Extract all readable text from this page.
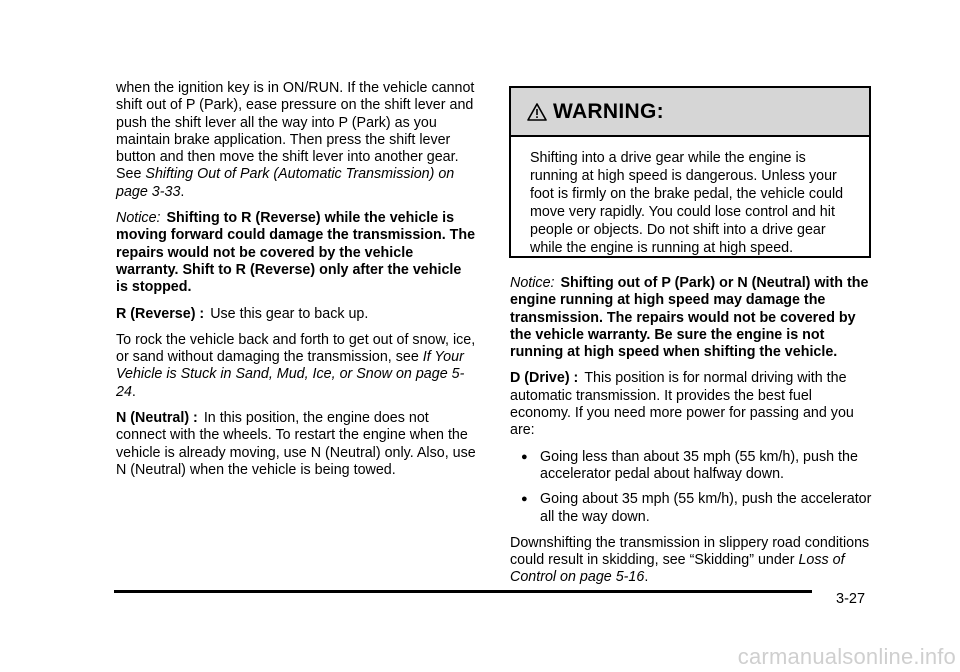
when the ignition key is in ON/RUN. If the vehicle cannot shift out of P (Park), ease pressure on the shift lever and push the shift lever all the way into P (Park) as you maintain brake application. Then press the shift lever button and then move the shift lever into another gear. See Shifting Out of Park (Automatic Transmission) on page 3-33.

Notice: Shifting to R (Reverse) while the vehicle is moving forward could damage the transmission. The repairs would not be covered by the vehicle warranty. Shift to R (Reverse) only after the vehicle is stopped.

R (Reverse) : Use this gear to back up.

To rock the vehicle back and forth to get out of snow, ice, or sand without damaging the transmission, see If Your Vehicle is Stuck in Sand, Mud, Ice, or Snow on page 5-24.

N (Neutral) : In this position, the engine does not connect with the wheels. To restart the engine when the vehicle is already moving, use N (Neutral) only. Also, use N (Neutral) when the vehicle is being towed.

WARNING:
Shifting into a drive gear while the engine is running at high speed is dangerous. Unless your foot is firmly on the brake pedal, the vehicle could move very rapidly. You could lose control and hit people or objects. Do not shift into a drive gear while the engine is running at high speed.

Notice: Shifting out of P (Park) or N (Neutral) with the engine running at high speed may damage the transmission. The repairs would not be covered by the vehicle warranty. Be sure the engine is not running at high speed when shifting the vehicle.

D (Drive) : This position is for normal driving with the automatic transmission. It provides the best fuel economy. If you need more power for passing and you are:

● Going less than about 35 mph (55 km/h), push the accelerator pedal about halfway down.
● Going about 35 mph (55 km/h), push the accelerator all the way down.

Downshifting the transmission in slippery road conditions could result in skidding, see “Skidding” under Loss of Control on page 5-16.

3-27
carmanualsonline.info
